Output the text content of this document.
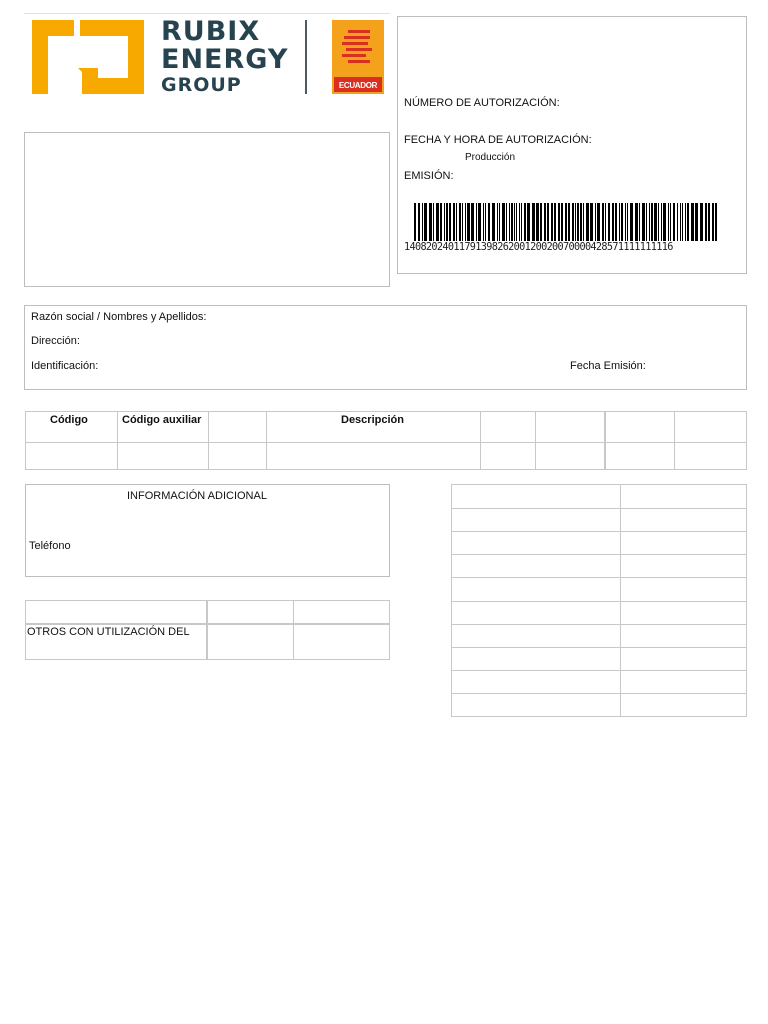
RUBIX
ENERGY
GROUP	ECUADOR
NÚMERO DE AUTORIZACIÓN:
FECHA Y HORA DE AUTORIZACIÓN:
Producción
EMISIÓN:
1408202401179139826200120020070000428571111111116
Razón social / Nombres y Apellidos:
Dirección:
Identificación:	Fecha Emisión:
Código	Código auxiliar	Descripción
INFORMACIÓN ADICIONAL
Teléfono
OTROS CON UTILIZACIÓN DEL
